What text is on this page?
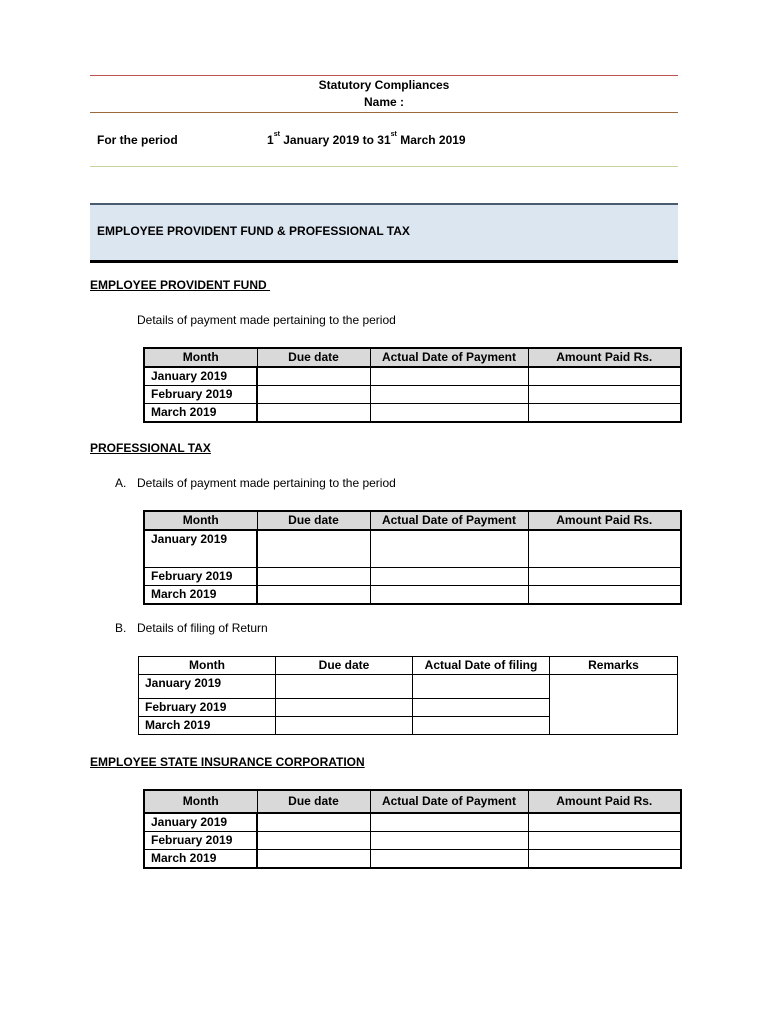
Statutory Compliances
Name :
For the period	1st January 2019 to 31st March 2019
EMPLOYEE PROVIDENT FUND & PROFESSIONAL TAX
EMPLOYEE PROVIDENT FUND
Details of payment made pertaining to the period
Month	Due date	Actual Date of Payment	Amount Paid Rs.
January 2019			
February 2019			
March 2019			
PROFESSIONAL TAX
A. Details of payment made pertaining to the period
Month	Due date	Actual Date of Payment	Amount Paid Rs.
January 2019			
February 2019			
March 2019			
B. Details of filing of Return
Month	Due date	Actual Date of filing	Remarks
January 2019			
February 2019			
March 2019			
EMPLOYEE STATE INSURANCE CORPORATION
Month	Due date	Actual Date of Payment	Amount Paid Rs.
January 2019			
February 2019			
March 2019			
